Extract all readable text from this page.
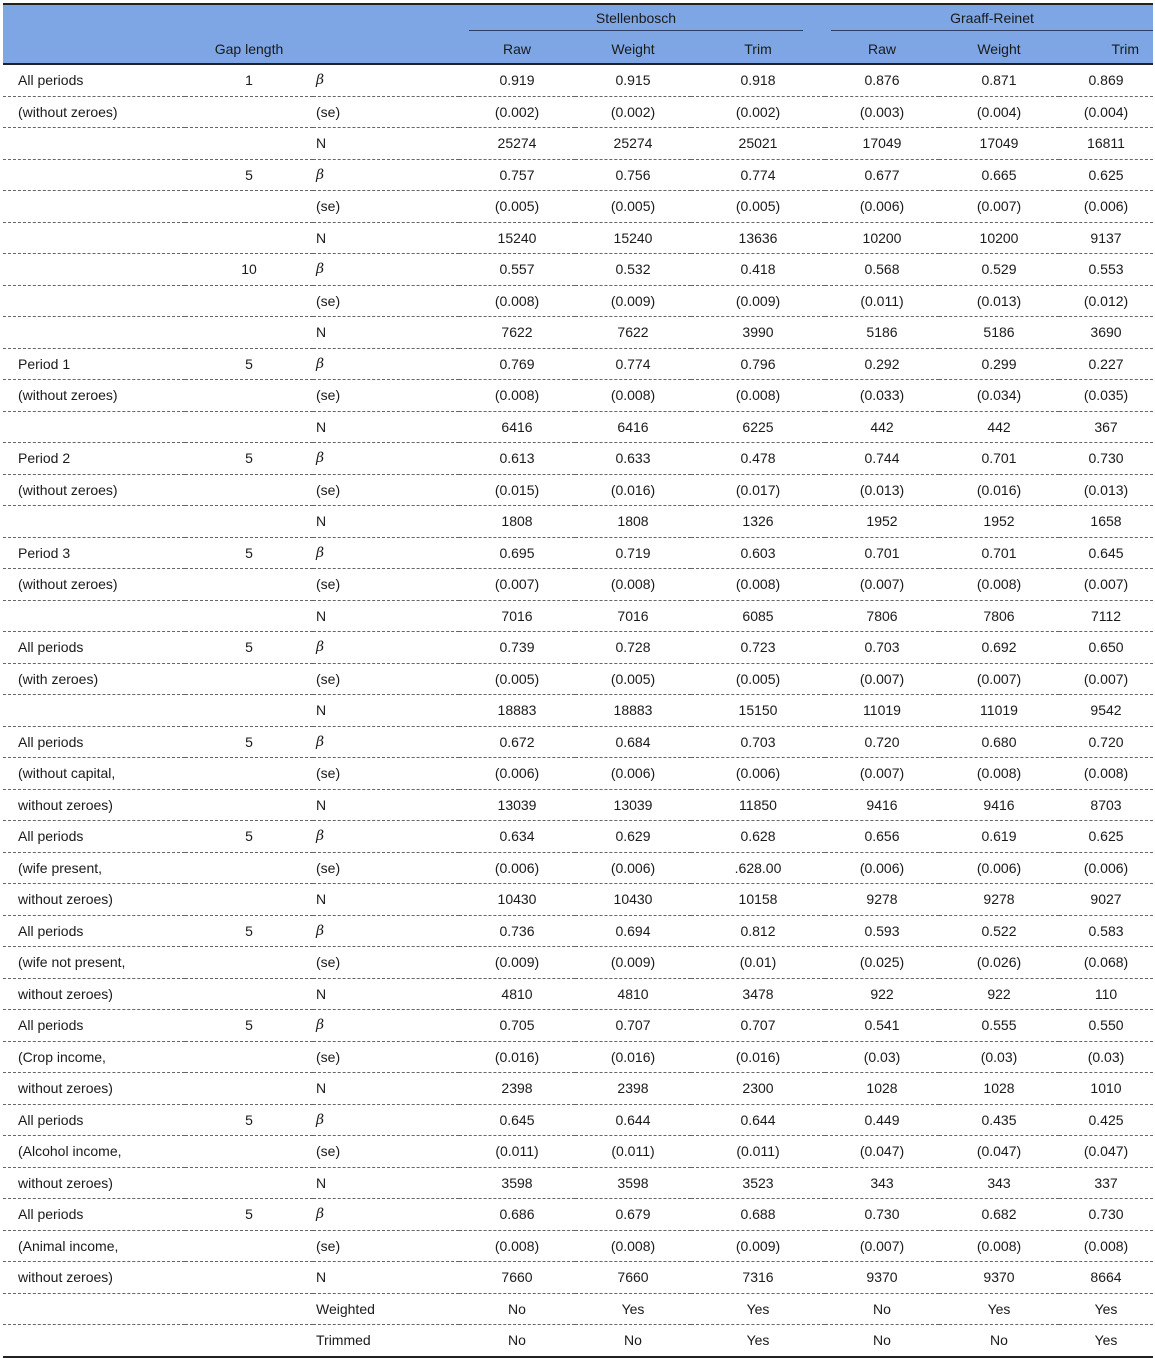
			Stellenbosch			Graaff-Reinet		

	Gap length		Raw	Weight	Trim	Raw	Weight	Trim
All periods	1	β	0.919	0.915	0.918	0.876	0.871	0.869
(without zeroes)		(se)	(0.002)	(0.002)	(0.002)	(0.003)	(0.004)	(0.004)
		N	25274	25274	25021	17049	17049	16811
	5	β	0.757	0.756	0.774	0.677	0.665	0.625
		(se)	(0.005)	(0.005)	(0.005)	(0.006)	(0.007)	(0.006)
		N	15240	15240	13636	10200	10200	9137
	10	β	0.557	0.532	0.418	0.568	0.529	0.553
		(se)	(0.008)	(0.009)	(0.009)	(0.011)	(0.013)	(0.012)
		N	7622	7622	3990	5186	5186	3690
Period 1	5	β	0.769	0.774	0.796	0.292	0.299	0.227
(without zeroes)		(se)	(0.008)	(0.008)	(0.008)	(0.033)	(0.034)	(0.035)
		N	6416	6416	6225	442	442	367
Period 2	5	β	0.613	0.633	0.478	0.744	0.701	0.730
(without zeroes)		(se)	(0.015)	(0.016)	(0.017)	(0.013)	(0.016)	(0.013)
		N	1808	1808	1326	1952	1952	1658
Period 3	5	β	0.695	0.719	0.603	0.701	0.701	0.645
(without zeroes)		(se)	(0.007)	(0.008)	(0.008)	(0.007)	(0.008)	(0.007)
		N	7016	7016	6085	7806	7806	7112
All periods	5	β	0.739	0.728	0.723	0.703	0.692	0.650
(with zeroes)		(se)	(0.005)	(0.005)	(0.005)	(0.007)	(0.007)	(0.007)
		N	18883	18883	15150	11019	11019	9542
All periods	5	β	0.672	0.684	0.703	0.720	0.680	0.720
(without capital,		(se)	(0.006)	(0.006)	(0.006)	(0.007)	(0.008)	(0.008)
without zeroes)		N	13039	13039	11850	9416	9416	8703
All periods	5	β	0.634	0.629	0.628	0.656	0.619	0.625
(wife present,		(se)	(0.006)	(0.006)	.628.00	(0.006)	(0.006)	(0.006)
without zeroes)		N	10430	10430	10158	9278	9278	9027
All periods	5	β	0.736	0.694	0.812	0.593	0.522	0.583
(wife not present,		(se)	(0.009)	(0.009)	(0.01)	(0.025)	(0.026)	(0.068)
without zeroes)		N	4810	4810	3478	922	922	110
All periods	5	β	0.705	0.707	0.707	0.541	0.555	0.550
(Crop income,		(se)	(0.016)	(0.016)	(0.016)	(0.03)	(0.03)	(0.03)
without zeroes)		N	2398	2398	2300	1028	1028	1010
All periods	5	β	0.645	0.644	0.644	0.449	0.435	0.425
(Alcohol income,		(se)	(0.011)	(0.011)	(0.011)	(0.047)	(0.047)	(0.047)
without zeroes)		N	3598	3598	3523	343	343	337
All periods	5	β	0.686	0.679	0.688	0.730	0.682	0.730
(Animal income,		(se)	(0.008)	(0.008)	(0.009)	(0.007)	(0.008)	(0.008)
without zeroes)		N	7660	7660	7316	9370	9370	8664
		Weighted	No	Yes	Yes	No	Yes	Yes
		Trimmed	No	No	Yes	No	No	Yes
